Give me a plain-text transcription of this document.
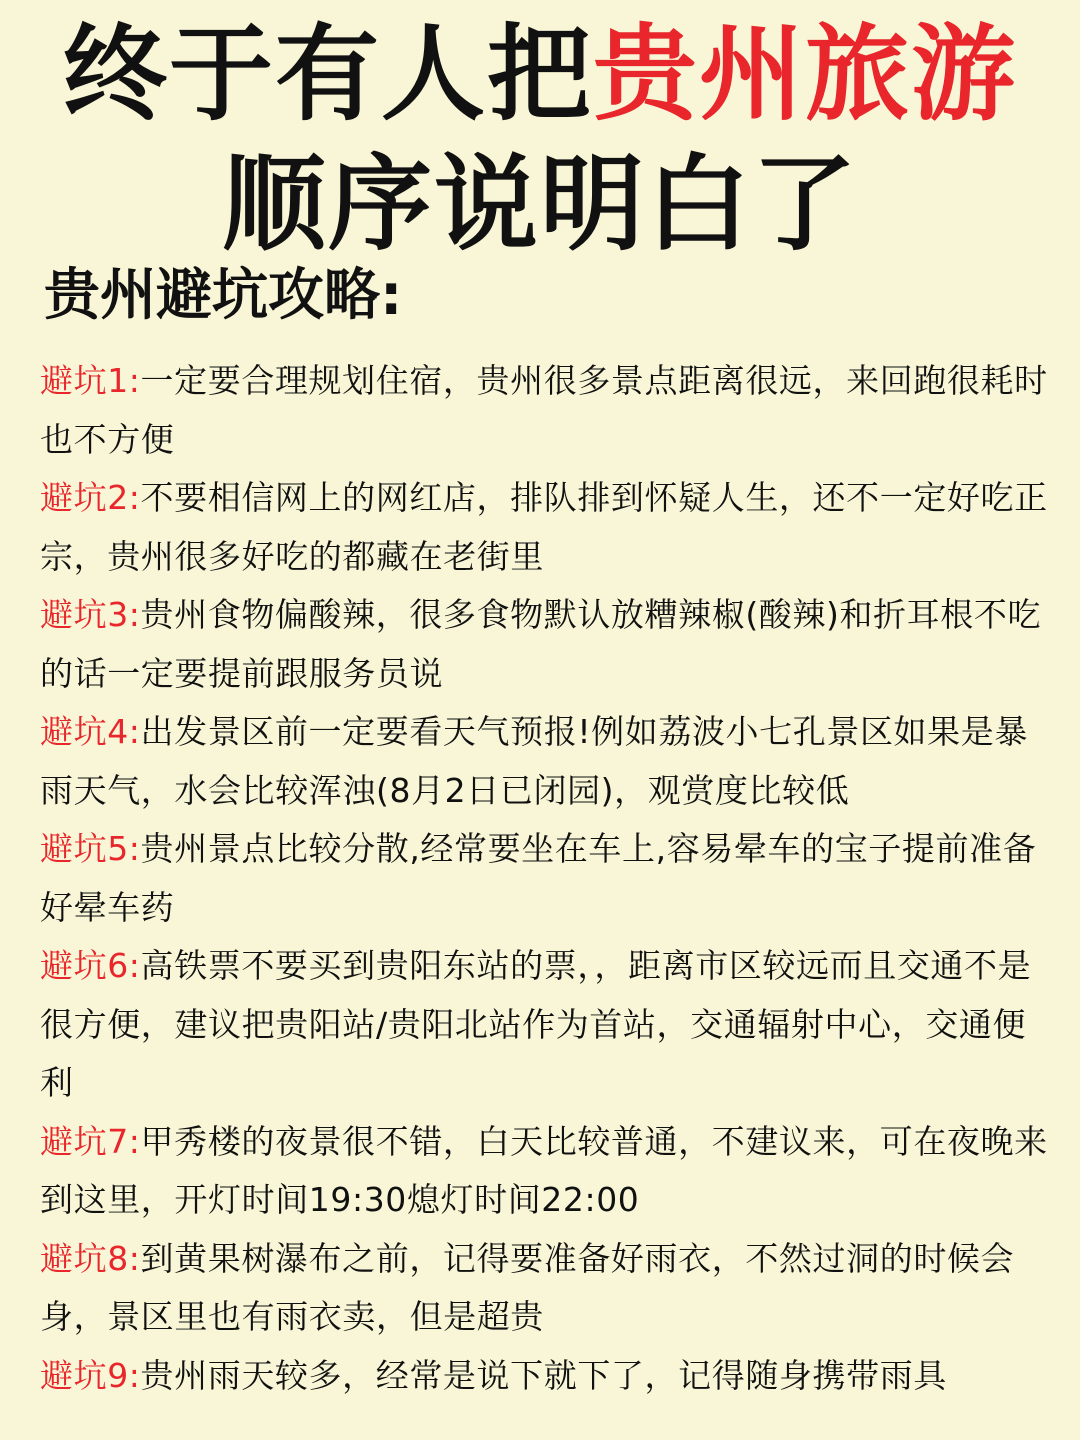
终于有人把贵州旅游
顺序说明白了
贵州避坑攻略:
避坑1:一定要合理规划住宿，贵州很多景点距离很远，来回跑很耗时也不方便
避坑2:不要相信网上的网红店，排队排到怀疑人生，还不一定好吃正宗，贵州很多好吃的都藏在老街里
避坑3:贵州食物偏酸辣，很多食物默认放糟辣椒(酸辣)和折耳根不吃的话一定要提前跟服务员说
避坑4:出发景区前一定要看天气预报!例如荔波小七孔景区如果是暴雨天气，水会比较浑浊(8月2日已闭园)，观赏度比较低
避坑5:贵州景点比较分散,经常要坐在车上,容易晕车的宝子提前准备好晕车药
避坑6:高铁票不要买到贵阳东站的票，，距离市区较远而且交通不是很方便，建议把贵阳站/贵阳北站作为首站，交通辐射中心，交通便利
避坑7:甲秀楼的夜景很不错，白天比较普通，不建议来，可在夜晚来到这里，开灯时间19:30熄灯时间22:00
避坑8:到黄果树瀑布之前，记得要准备好雨衣，不然过洞的时候会身，景区里也有雨衣卖，但是超贵
避坑9:贵州雨天较多，经常是说下就下了，记得随身携带雨具
